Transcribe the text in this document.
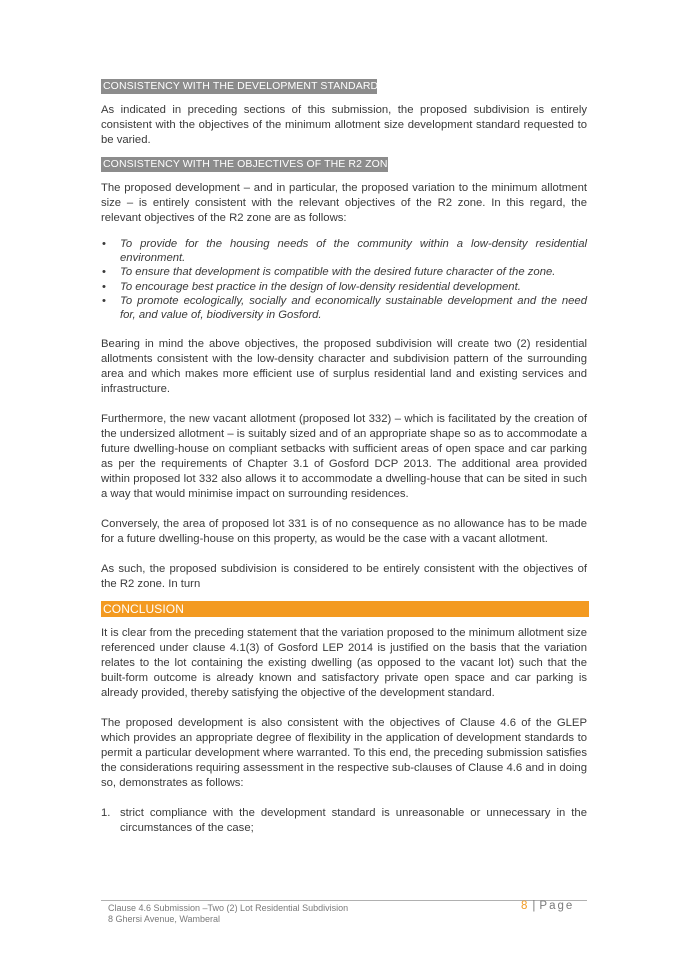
CONSISTENCY WITH THE DEVELOPMENT STANDARD

As indicated in preceding sections of this submission, the proposed subdivision is entirely consistent with the objectives of the minimum allotment size development standard requested to be varied.

CONSISTENCY WITH THE OBJECTIVES OF THE R2 ZONE

The proposed development – and in particular, the proposed variation to the minimum allotment size – is entirely consistent with the relevant objectives of the R2 zone. In this regard, the relevant objectives of the R2 zone are as follows:

• To provide for the housing needs of the community within a low-density residential environment.
• To ensure that development is compatible with the desired future character of the zone.
• To encourage best practice in the design of low-density residential development.
• To promote ecologically, socially and economically sustainable development and the need for, and value of, biodiversity in Gosford.

Bearing in mind the above objectives, the proposed subdivision will create two (2) residential allotments consistent with the low-density character and subdivision pattern of the surrounding area and which makes more efficient use of surplus residential land and existing services and infrastructure.

Furthermore, the new vacant allotment (proposed lot 332) – which is facilitated by the creation of the undersized allotment – is suitably sized and of an appropriate shape so as to accommodate a future dwelling-house on compliant setbacks with sufficient areas of open space and car parking as per the requirements of Chapter 3.1 of Gosford DCP 2013. The additional area provided within proposed lot 332 also allows it to accommodate a dwelling-house that can be sited in such a way that would minimise impact on surrounding residences.

Conversely, the area of proposed lot 331 is of no consequence as no allowance has to be made for a future dwelling-house on this property, as would be the case with a vacant allotment.

As such, the proposed subdivision is considered to be entirely consistent with the objectives of the R2 zone. In turn

CONCLUSION

It is clear from the preceding statement that the variation proposed to the minimum allotment size referenced under clause 4.1(3) of Gosford LEP 2014 is justified on the basis that the variation relates to the lot containing the existing dwelling (as opposed to the vacant lot) such that the built-form outcome is already known and satisfactory private open space and car parking is already provided, thereby satisfying the objective of the development standard.

The proposed development is also consistent with the objectives of Clause 4.6 of the GLEP which provides an appropriate degree of flexibility in the application of development standards to permit a particular development where warranted. To this end, the preceding submission satisfies the considerations requiring assessment in the respective sub-clauses of Clause 4.6 and in doing so, demonstrates as follows:

1. strict compliance with the development standard is unreasonable or unnecessary in the circumstances of the case;
Clause 4.6 Submission –Two (2) Lot Residential Subdivision
8 Ghersi Avenue, Wamberal
8 | Page
